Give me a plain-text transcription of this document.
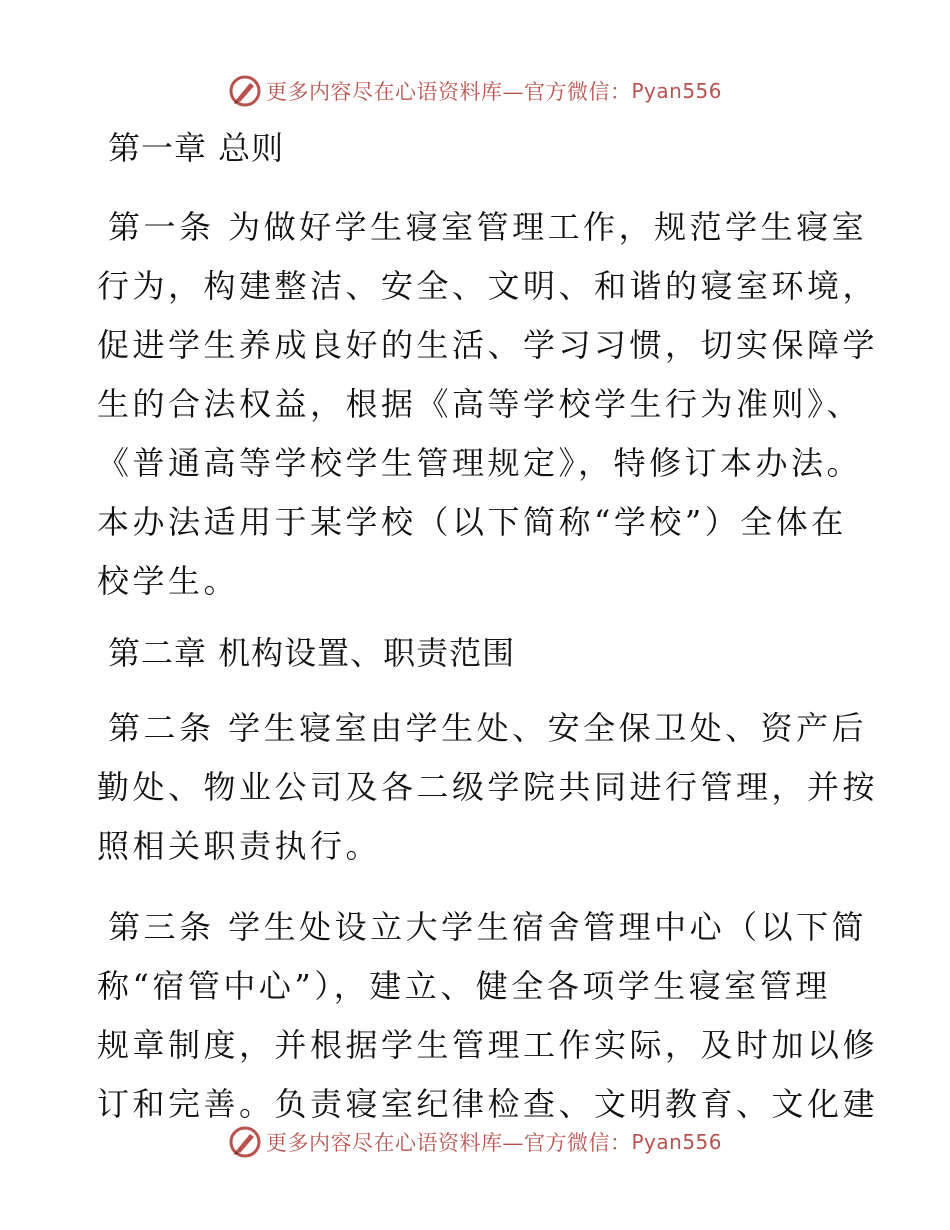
更多内容尽在心语资料库—官方微信： Pyan556

第一章 总则

第一条 为做好学生寝室管理工作，规范学生寝室
行为，构建整洁、安全、文明、和谐的寝室环境，
促进学生养成良好的生活、学习习惯，切实保障学
生的合法权益，根据《高等学校学生行为准则》、
《普通高等学校学生管理规定》，特修订本办法。
本办法适用于某学校（以下简称“学校”）全体在
校学生。

第二章 机构设置、职责范围

第二条 学生寝室由学生处、安全保卫处、资产后
勤处、物业公司及各二级学院共同进行管理，并按
照相关职责执行。

第三条 学生处设立大学生宿舍管理中心（以下简
称“宿管中心”），建立、健全各项学生寝室管理
规章制度，并根据学生管理工作实际，及时加以修
订和完善。负责寝室纪律检查、文明教育、文化建

更多内容尽在心语资料库—官方微信： Pyan556
